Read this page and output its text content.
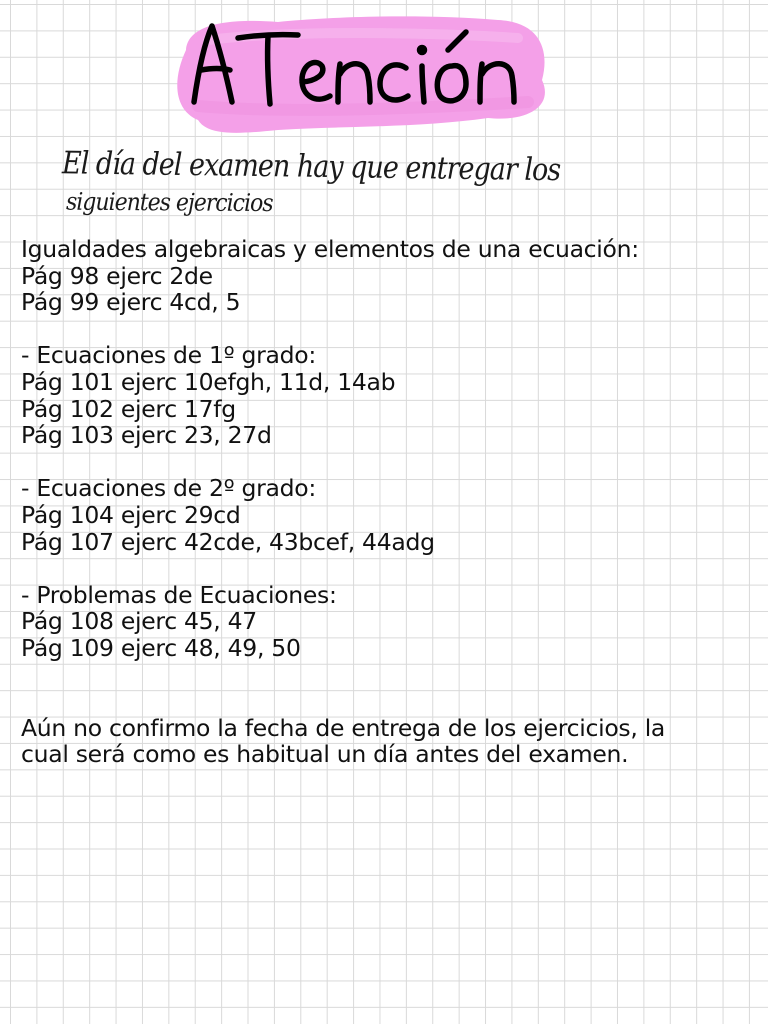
El día del examen hay que entregar los
siguientes ejercicios
Igualdades algebraicas y elementos de una ecuación:
Pág 98 ejerc 2de
Pág 99 ejerc 4cd, 5
- Ecuaciones de 1º grado:
Pág 101 ejerc 10efgh, 11d, 14ab
Pág 102 ejerc 17fg
Pág 103 ejerc 23, 27d
- Ecuaciones de 2º grado:
Pág 104 ejerc 29cd
Pág 107 ejerc 42cde, 43bcef, 44adg
- Problemas de Ecuaciones:
Pág 108 ejerc 45, 47
Pág 109 ejerc 48, 49, 50
Aún no confirmo la fecha de entrega de los ejercicios, la
cual será como es habitual un día antes del examen.
